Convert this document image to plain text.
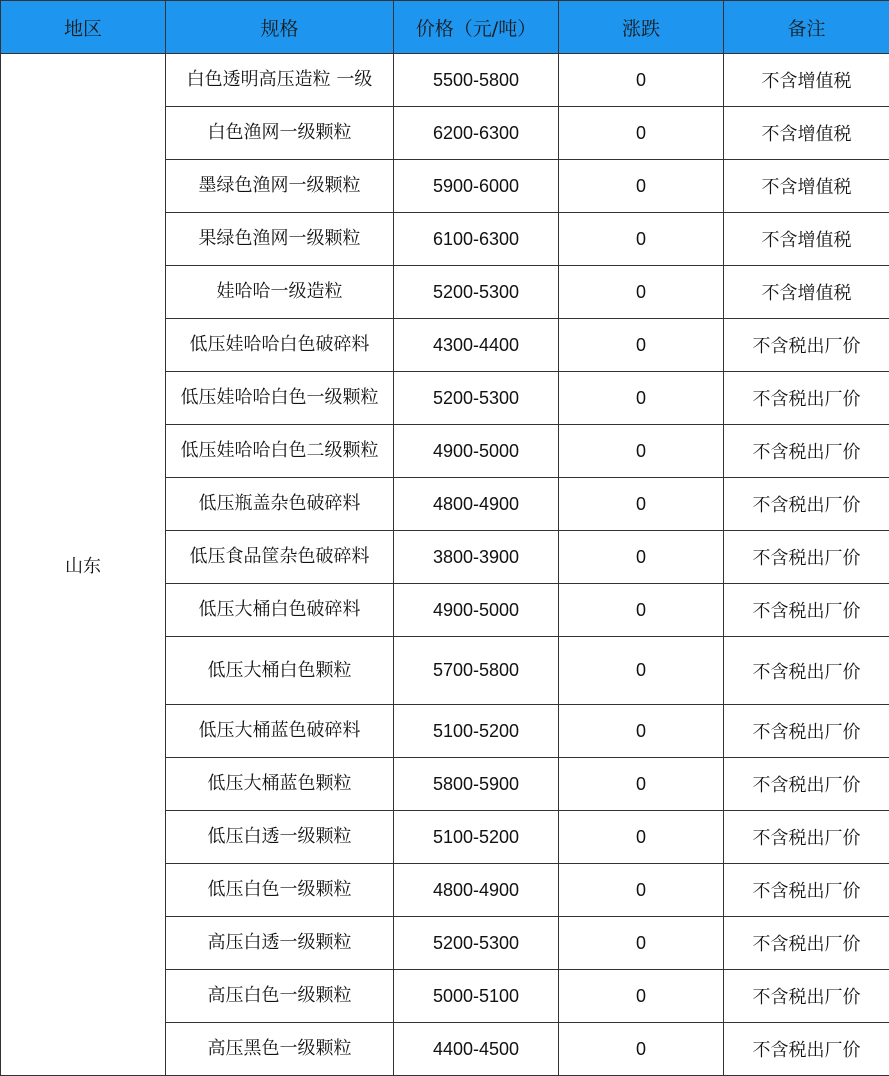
地区	规格	价格（元/吨）	涨跌	备注
山东	白色透明高压造粒 一级	5500-5800	0	不含增值税
	白色渔网一级颗粒	6200-6300	0	不含增值税
	墨绿色渔网一级颗粒	5900-6000	0	不含增值税
	果绿色渔网一级颗粒	6100-6300	0	不含增值税
	娃哈哈一级造粒	5200-5300	0	不含增值税
	低压娃哈哈白色破碎料	4300-4400	0	不含税出厂价
	低压娃哈哈白色一级颗粒	5200-5300	0	不含税出厂价
	低压娃哈哈白色二级颗粒	4900-5000	0	不含税出厂价
	低压瓶盖杂色破碎料	4800-4900	0	不含税出厂价
	低压食品筐杂色破碎料	3800-3900	0	不含税出厂价
	低压大桶白色破碎料	4900-5000	0	不含税出厂价
	低压大桶白色颗粒	5700-5800	0	不含税出厂价
	低压大桶蓝色破碎料	5100-5200	0	不含税出厂价
	低压大桶蓝色颗粒	5800-5900	0	不含税出厂价
	低压白透一级颗粒	5100-5200	0	不含税出厂价
	低压白色一级颗粒	4800-4900	0	不含税出厂价
	高压白透一级颗粒	5200-5300	0	不含税出厂价
	高压白色一级颗粒	5000-5100	0	不含税出厂价
	高压黑色一级颗粒	4400-4500	0	不含税出厂价
